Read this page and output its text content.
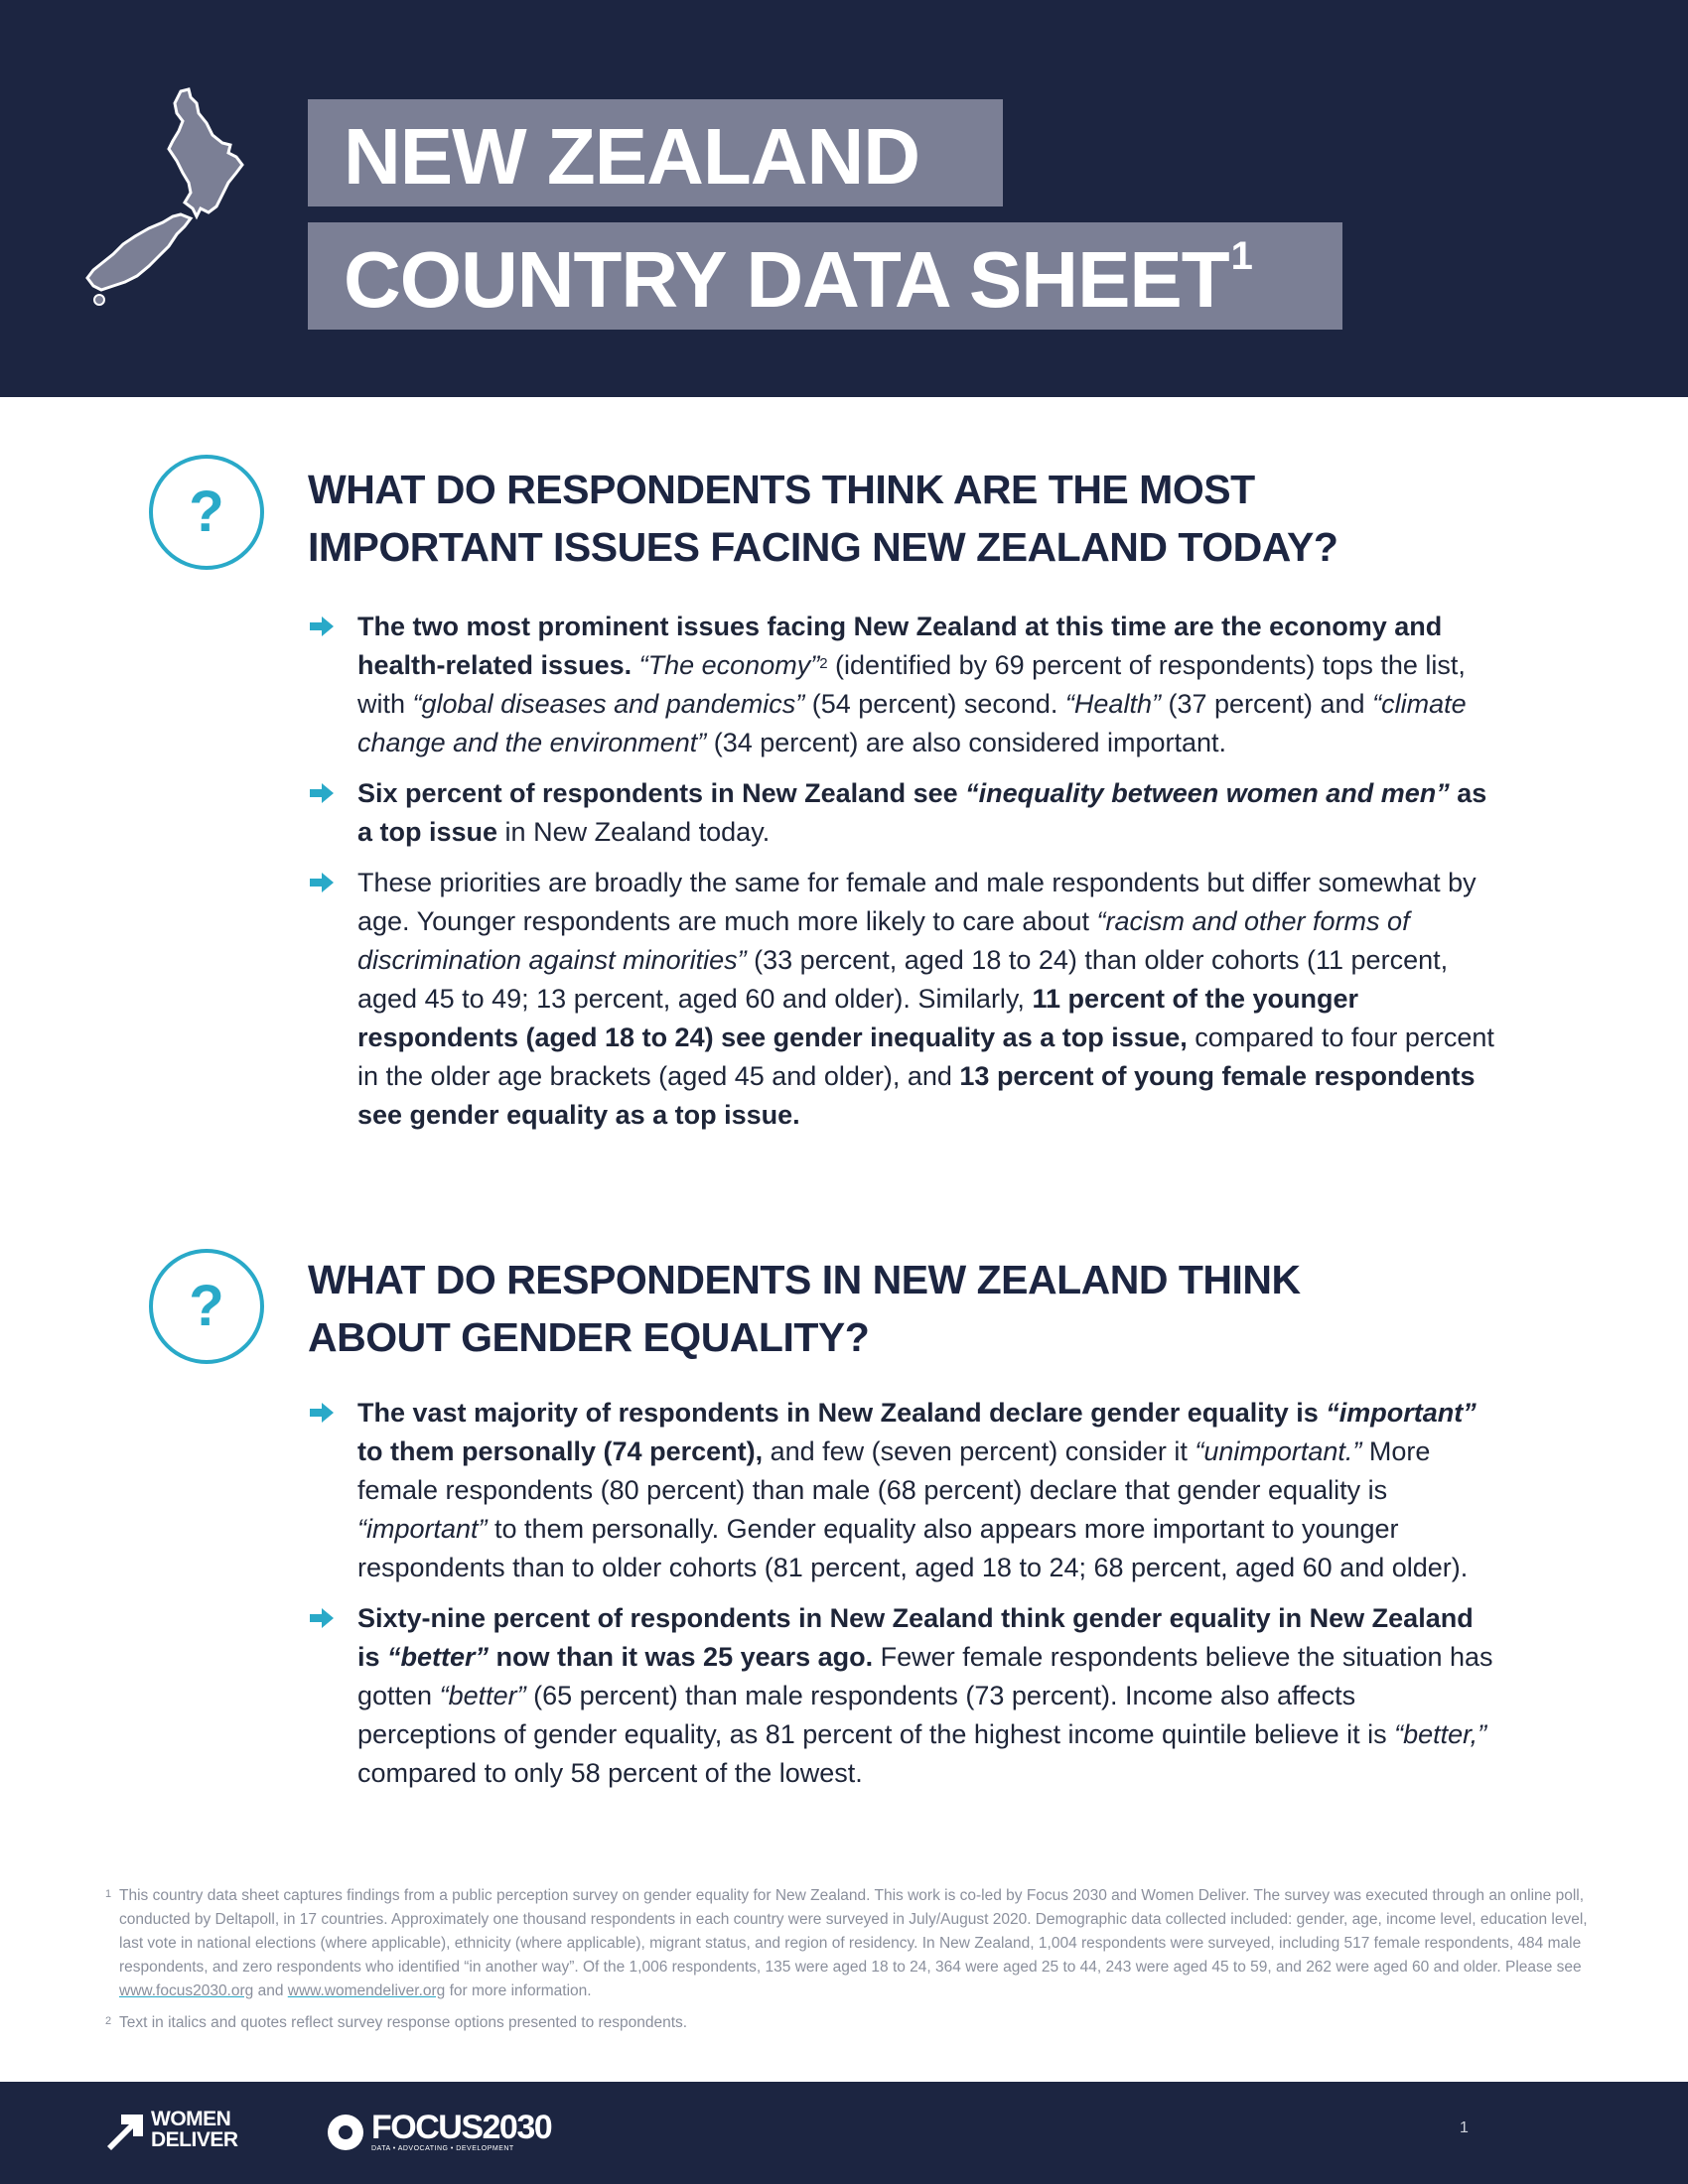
NEW ZEALAND
COUNTRY DATA SHEET$^1$
?	WHAT DO RESPONDENTS THINK ARE THE MOST
IMPORTANT ISSUES FACING NEW ZEALAND TODAY?
The two most prominent issues facing New Zealand at this time are the economy and health-related issues. “The economy”$^2$ (identified by 69 percent of respondents) tops the list, with “global diseases and pandemics” (54 percent) second. “Health” (37 percent) and “climate change and the environment” (34 percent) are also considered important.
Six percent of respondents in New Zealand see “inequality between women and men” as a top issue in New Zealand today.
These priorities are broadly the same for female and male respondents but differ somewhat by age. Younger respondents are much more likely to care about “racism and other forms of discrimination against minorities” (33 percent, aged 18 to 24) than older cohorts (11 percent, aged 45 to 49; 13 percent, aged 60 and older). Similarly, 11 percent of the younger respondents (aged 18 to 24) see gender inequality as a top issue, compared to four percent in the older age brackets (aged 45 and older), and 13 percent of young female respondents see gender equality as a top issue.
?	WHAT DO RESPONDENTS IN NEW ZEALAND THINK
ABOUT GENDER EQUALITY?
The vast majority of respondents in New Zealand declare gender equality is “important” to them personally (74 percent), and few (seven percent) consider it “unimportant.” More female respondents (80 percent) than male (68 percent) declare that gender equality is “important” to them personally. Gender equality also appears more important to younger respondents than to older cohorts (81 percent, aged 18 to 24; 68 percent, aged 60 and older).
Sixty-nine percent of respondents in New Zealand think gender equality in New Zealand is “better” now than it was 25 years ago. Fewer female respondents believe the situation has gotten “better” (65 percent) than male respondents (73 percent). Income also affects perceptions of gender equality, as 81 percent of the highest income quintile believe it is “better,” compared to only 58 percent of the lowest.
1 This country data sheet captures findings from a public perception survey on gender equality for New Zealand. This work is co-led by Focus 2030 and Women Deliver. The survey was executed through an online poll, conducted by Deltapoll, in 17 countries. Approximately one thousand respondents in each country were surveyed in July/August 2020. Demographic data collected included: gender, age, income level, education level, last vote in national elections (where applicable), ethnicity (where applicable), migrant status, and region of residency. In New Zealand, 1,004 respondents were surveyed, including 517 female respondents, 484 male respondents, and zero respondents who identified “in another way”. Of the 1,006 respondents, 135 were aged 18 to 24, 364 were aged 25 to 44, 243 were aged 45 to 59, and 262 were aged 60 and older. Please see www.focus2030.org and www.womendeliver.org for more information.
2 Text in italics and quotes reflect survey response options presented to respondents.
WOMEN
DELIVER	FOCUS2030
DATA • ADVOCATING • DEVELOPMENT
1
